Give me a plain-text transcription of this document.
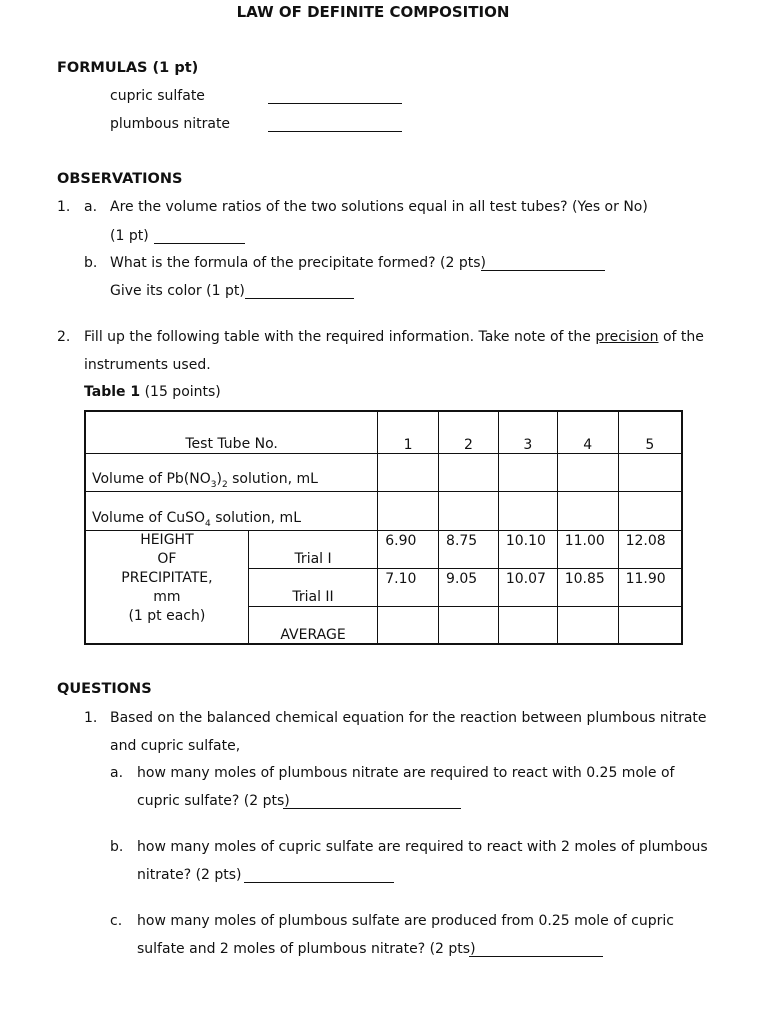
LAW OF DEFINITE COMPOSITION
FORMULAS (1 pt)
cupric sulfate
plumbous nitrate
OBSERVATIONS
1. a. Are the volume ratios of the two solutions equal in all test tubes? (Yes or No)
(1 pt)
b. What is the formula of the precipitate formed? (2 pts)
Give its color (1 pt)
2. Fill up the following table with the required information. Take note of the precision of the
instruments used.
Table 1 (15 points)
Test Tube No.		1	2	3	4	5
Volume of $Pb(NO_3)_2$ solution, mL						
Volume of CuSO$_4$ solution, mL						

HEIGHT
OF
PRECIPITATE,
mm
(1 pt each)	Trial I	6.90	8.75	10.10	11.00	12.08
	Trial II	7.10	9.05	10.07	10.85	11.90
	AVERAGE					
QUESTIONS
1. Based on the balanced chemical equation for the reaction between plumbous nitrate
and cupric sulfate,
a. how many moles of plumbous nitrate are required to react with 0.25 mole of
cupric sulfate? (2 pts)
b. how many moles of cupric sulfate are required to react with 2 moles of plumbous
nitrate? (2 pts)
c. how many moles of plumbous sulfate are produced from 0.25 mole of cupric
sulfate and 2 moles of plumbous nitrate? (2 pts)
